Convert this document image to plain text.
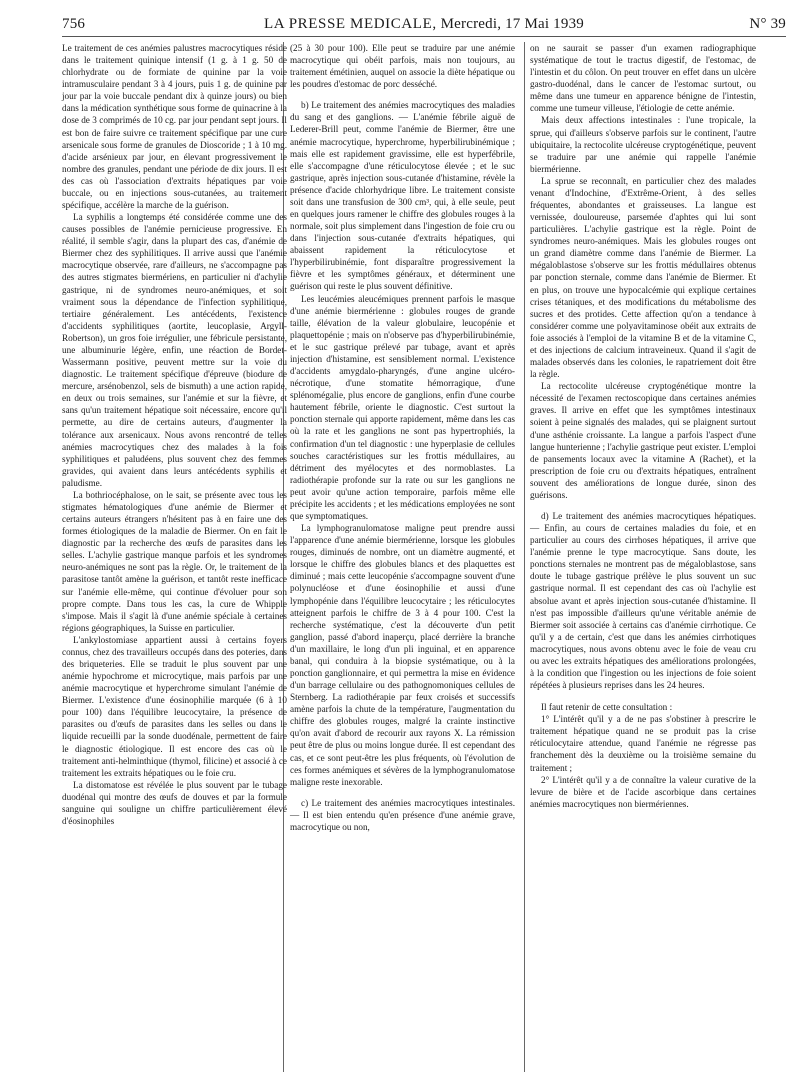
756	LA PRESSE MEDICALE, Mercredi, 17 Mai 1939	N° 39

Le traitement de ces anémies palustres macrocytiques réside dans le traitement quinique intensif (1 g. à 1 g. 50 de chlorhydrate ou de formiate de quinine par la voie intramusculaire pendant 3 à 4 jours, puis 1 g. de quinine par jour par la voie buccale pendant dix à quinze jours) ou bien dans la médication synthétique sous forme de quinacrine à la dose de 3 comprimés de 10 cg. par jour pendant sept jours. Il est bon de faire suivre ce traitement spécifique par une cure arsenicale sous forme de granules de Dioscoride ; 1 à 10 mg. d'acide arsénieux par jour, en élevant progressivement le nombre des granules, pendant une période de dix jours. Il est des cas où l'association d'extraits hépatiques par voie buccale, ou en injections sous-cutanées, au traitement spécifique, accélère la marche de la guérison.

La syphilis a longtemps été considérée comme une des causes possibles de l'anémie pernicieuse progressive. En réalité, il semble s'agir, dans la plupart des cas, d'anémie de Biermer chez des syphilitiques. Il arrive aussi que l'anémie macrocytique observée, rare d'ailleurs, ne s'accompagne pas des autres stigmates biermériens, en particulier ni d'achylie gastrique, ni de syndromes neuro-anémiques, et soit vraiment sous la dépendance de l'infection syphilitique, tertiaire généralement. Les antécédents, l'existence d'accidents syphilitiques (aortite, leucoplasie, Argyll-Robertson), un gros foie irrégulier, une fébricule persistante, une albuminurie légère, enfin, une réaction de Bordet-Wassermann positive, peuvent mettre sur la voie du diagnostic. Le traitement spécifique d'épreuve (biodure de mercure, arsénobenzol, sels de bismuth) a une action rapide, en deux ou trois semaines, sur l'anémie et sur la fièvre, et sans qu'un traitement hépatique soit nécessaire, encore qu'il permette, au dire de certains auteurs, d'augmenter la tolérance aux arsenicaux. Nous avons rencontré de telles anémies macrocytiques chez des malades à la fois syphilitiques et paludéens, plus souvent chez des femmes gravides, qui avaient dans leurs antécédents syphilis et paludisme.

La bothriocéphalose, on le sait, se présente avec tous les stigmates hématologiques d'une anémie de Biermer et certains auteurs étrangers n'hésitent pas à en faire une des formes étiologiques de la maladie de Biermer. On en fait le diagnostic par la recherche des œufs de parasites dans les selles. L'achylie gastrique manque parfois et les syndromes neuro-anémiques ne sont pas la règle. Or, le traitement de la parasitose tantôt amène la guérison, et tantôt reste inefficace sur l'anémie elle-même, qui continue d'évoluer pour son propre compte. Dans tous les cas, la cure de Whipple s'impose. Mais il s'agit là d'une anémie spéciale à certaines régions géographiques, la Suisse en particulier.

L'ankylostomiase appartient aussi à certains foyers connus, chez des travailleurs occupés dans des poteries, dans des briqueteries. Elle se traduit le plus souvent par une anémie hypochrome et microcytique, mais parfois par une anémie macrocytique et hyperchrome simulant l'anémie de Biermer. L'existence d'une éosinophilie marquée (6 à 10 pour 100) dans l'équilibre leucocytaire, la présence de parasites ou d'œufs de parasites dans les selles ou dans le liquide recueilli par la sonde duodénale, permettent de faire le diagnostic étiologique. Il est encore des cas où le traitement anti-helminthique (thymol, filicine) et associé à ce traitement les extraits hépatiques ou le foie cru.

La distomatose est révélée le plus souvent par le tubage duodénal qui montre des œufs de douves et par la formule sanguine qui souligne un chiffre particulièrement élevé d'éosinophiles

(25 à 30 pour 100). Elle peut se traduire par une anémie macrocytique qui obéit parfois, mais non toujours, au traitement émétinien, auquel on associe la diète hépatique ou les poudres d'estomac de porc desséché.

b) Le traitement des anémies macrocytiques des maladies du sang et des ganglions. — L'anémie fébrile aiguë de Lederer-Brill peut, comme l'anémie de Biermer, être une anémie macrocytique, hyperchrome, hyperbilirubinémique ; mais elle est rapidement gravissime, elle est hyperfébrile, elle s'accompagne d'une réticulocytose élevée ; et le suc gastrique, après injection sous-cutanée d'histamine, révèle la présence d'acide chlorhydrique libre. Le traitement consiste soit dans une transfusion de 300 cm³, qui, à elle seule, peut en quelques jours ramener le chiffre des globules rouges à la normale, soit plus simplement dans l'ingestion de foie cru ou dans l'injection sous-cutanée d'extraits hépatiques, qui abaissent rapidement la réticulocytose et l'hyperbilirubinémie, font disparaître progressivement la fièvre et les symptômes généraux, et déterminent une guérison qui reste le plus souvent définitive.

Les leucémies aleucémiques prennent parfois le masque d'une anémie biermérienne : globules rouges de grande taille, élévation de la valeur globulaire, leucopénie et plaquettopénie ; mais on n'observe pas d'hyperbilirubinémie, et le suc gastrique prélevé par tubage, avant et après injection d'histamine, est sensiblement normal. L'existence d'accidents amygdalo-pharyngés, d'une angine ulcéro-nécrotique, d'une stomatite hémorragique, d'une splénomégalie, plus encore de ganglions, enfin d'une courbe hautement fébrile, oriente le diagnostic. C'est surtout la ponction sternale qui apporte rapidement, même dans les cas où la rate et les ganglions ne sont pas hypertrophiés, la confirmation d'un tel diagnostic : une hyperplasie de cellules souches caractéristiques sur les frottis médullaires, au détriment des myélocytes et des normoblastes. La radiothérapie profonde sur la rate ou sur les ganglions ne peut avoir qu'une action temporaire, parfois même elle précipite les accidents ; et les médications employées ne sont que symptomatiques.

La lymphogranulomatose maligne peut prendre aussi l'apparence d'une anémie biermérienne, lorsque les globules rouges, diminués de nombre, ont un diamètre augmenté, et lorsque le chiffre des globules blancs et des plaquettes est diminué ; mais cette leucopénie s'accompagne souvent d'une polynucléose et d'une éosinophilie et aussi d'une lymphopénie dans l'équilibre leucocytaire ; les réticulocytes atteignent parfois le chiffre de 3 à 4 pour 100. C'est la recherche systématique, c'est la découverte d'un petit ganglion, passé d'abord inaperçu, placé derrière la branche d'un maxillaire, le long d'un pli inguinal, et en apparence banal, qui conduira à la biopsie systématique, ou à la ponction ganglionnaire, et qui permettra la mise en évidence d'un barrage cellulaire ou des pathognomoniques cellules de Sternberg. La radiothérapie par feux croisés et successifs amène parfois la chute de la température, l'augmentation du chiffre des globules rouges, malgré la crainte instinctive qu'on avait d'abord de recourir aux rayons X. La rémission peut être de plus ou moins longue durée. Il est cependant des cas, et ce sont peut-être les plus fréquents, où l'évolution de ces formes anémiques et sévères de la lymphogranulomatose maligne reste inexorable.

c) Le traitement des anémies macrocytiques intestinales. — Il est bien entendu qu'en présence d'une anémie grave, macrocytique ou non,

on ne saurait se passer d'un examen radiographique systématique de tout le tractus digestif, de l'estomac, de l'intestin et du côlon. On peut trouver en effet dans un ulcère gastro-duodénal, dans le cancer de l'estomac surtout, ou même dans une tumeur en apparence bénigne de l'intestin, comme une tumeur villeuse, l'étiologie de cette anémie.

Mais deux affections intestinales : l'une tropicale, la sprue, qui d'ailleurs s'observe parfois sur le continent, l'autre ubiquitaire, la rectocolite ulcéreuse cryptogénétique, peuvent se traduire par une anémie qui rappelle l'anémie biermérienne.

La sprue se reconnaît, en particulier chez des malades venant d'Indochine, d'Extrême-Orient, à des selles fréquentes, abondantes et graisseuses. La langue est vernissée, douloureuse, parsemée d'aphtes qui lui sont particulières. L'achylie gastrique est la règle. Point de syndromes neuro-anémiques. Mais les globules rouges ont un grand diamètre comme dans l'anémie de Biermer. La mégaloblastose s'observe sur les frottis médullaires obtenus par ponction sternale, comme dans l'anémie de Biermer. Et en plus, on trouve une hypocalcémie qui explique certaines crises tétaniques, et des modifications du métabolisme des sucres et des protides. Cette affection qu'on a tendance à considérer comme une polyavitaminose obéit aux extraits de foie associés à l'emploi de la vitamine B et de la vitamine C, et des injections de calcium intraveineux. Quand il s'agit de malades observés dans les colonies, le rapatriement doit être la règle.

La rectocolite ulcéreuse cryptogénétique montre la nécessité de l'examen rectoscopique dans certaines anémies graves. Il arrive en effet que les symptômes intestinaux soient à peine signalés des malades, qui se plaignent surtout d'une asthénie croissante. La langue a parfois l'aspect d'une langue hunterienne ; l'achylie gastrique peut exister. L'emploi de pansements locaux avec la vitamine A (Rachet), et la prescription de foie cru ou d'extraits hépatiques, entraînent souvent des améliorations de longue durée, sinon des guérisons.

d) Le traitement des anémies macrocytiques hépatiques. — Enfin, au cours de certaines maladies du foie, et en particulier au cours des cirrhoses hépatiques, il arrive que l'anémie prenne le type macrocytique. Sans doute, les ponctions sternales ne montrent pas de mégaloblastose, sans doute le tubage gastrique prélève le plus souvent un suc gastrique normal. Il est cependant des cas où l'achylie est absolue avant et après injection sous-cutanée d'histamine. Il n'est pas impossible d'ailleurs qu'une véritable anémie de Biermer soit associée à certains cas d'anémie cirrhotique. Ce qu'il y a de certain, c'est que dans les anémies cirrhotiques macrocytiques, nous avons obtenu avec le foie de veau cru ou avec les extraits hépatiques des améliorations prolongées, à la condition que l'ingestion ou les injections de foie soient répétées à plusieurs reprises dans les 24 heures.

Il faut retenir de cette consultation :

1° L'intérêt qu'il y a de ne pas s'obstiner à prescrire le traitement hépatique quand ne se produit pas la crise réticulocytaire attendue, quand l'anémie ne régresse pas franchement dès la deuxième ou la troisième semaine du traitement ;

2° L'intérêt qu'il y a de connaître la valeur curative de la levure de bière et de l'acide ascorbique dans certaines anémies macrocytiques non biermériennes.
